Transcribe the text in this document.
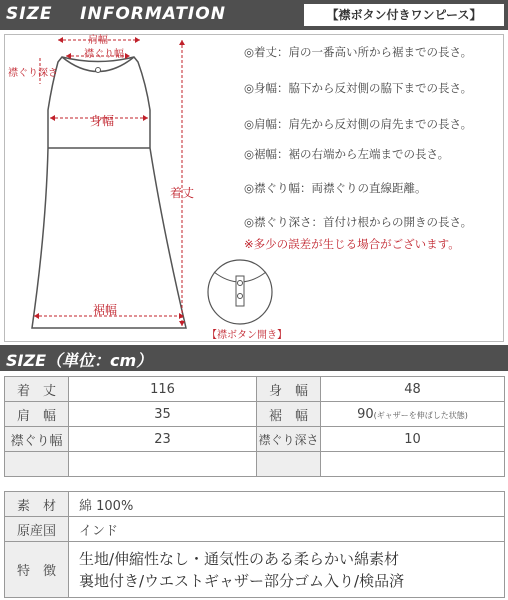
SIZE    INFORMATION	【襟ボタン付きワンピース】
肩幅
襟ぐり幅
襟ぐり深さ
身幅
着丈
裾幅
【襟ボタン開き】
◎着丈：肩の一番高い所から裾までの長さ。
◎身幅：脇下から反対側の脇下までの長さ。
◎肩幅：肩先から反対側の肩先までの長さ。
◎裾幅：裾の右端から左端までの長さ。
◎襟ぐり幅：両襟ぐりの直線距離。
◎襟ぐり深さ：首付け根からの開きの長さ。
※多少の誤差が生じる場合がございます。
SIZE（単位：cm）
着　丈	116	身　幅	48
肩　幅	35	裾　幅	90(ギャザーを伸ばした状態)
襟ぐり幅	23	襟ぐり深さ	10

素　材	綿 100%
原産国	インド
特　徴	生地/伸縮性なし・通気性のある柔らかい綿素材
裏地付き/ウエストギャザー部分ゴム入り/検品済
